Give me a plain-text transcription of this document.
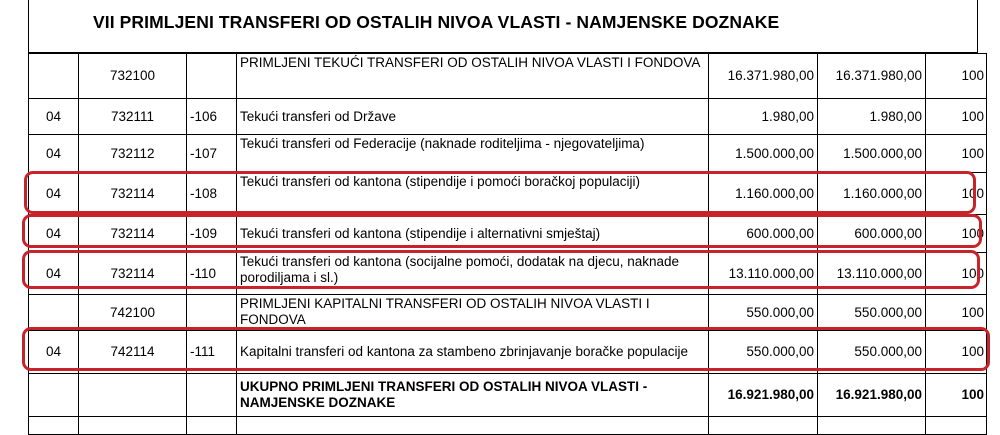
VII PRIMLJENI TRANSFERI OD OSTALIH NIVOA VLASTI - NAMJENSKE DOZNAKE
	732100		PRIMLJENI TEKUĆI TRANSFERI OD OSTALIH NIVOA VLASTI I FONDOVA	16.371.980,00	16.371.980,00	100
04	732111	-106	Tekući transferi od Države	1.980,00	1.980,00	100
04	732112	-107	Tekući transferi od Federacije (naknade roditeljima - njegovateljima)	1.500.000,00	1.500.000,00	100
04	732114	-108	Tekući transferi od kantona (stipendije i pomoći boračkoj populaciji)	1.160.000,00	1.160.000,00	100
04	732114	-109	Tekući transferi od kantona (stipendije i alternativni smještaj)	600.000,00	600.000,00	100
04	732114	-110	Tekući transferi od kantona (socijalne pomoći, dodatak na djecu, naknade porodiljama i sl.)	13.110.000,00	13.110.000,00	100
	742100		PRIMLJENI KAPITALNI TRANSFERI OD OSTALIH NIVOA VLASTI I FONDOVA	550.000,00	550.000,00	100
04	742114	-111	Kapitalni transferi od kantona za stambeno zbrinjavanje boračke populacije	550.000,00	550.000,00	100

			UKUPNO PRIMLJENI TRANSFERI OD OSTALIH NIVOA VLASTI - NAMJENSKE DOZNAKE	16.921.980,00	16.921.980,00	100
